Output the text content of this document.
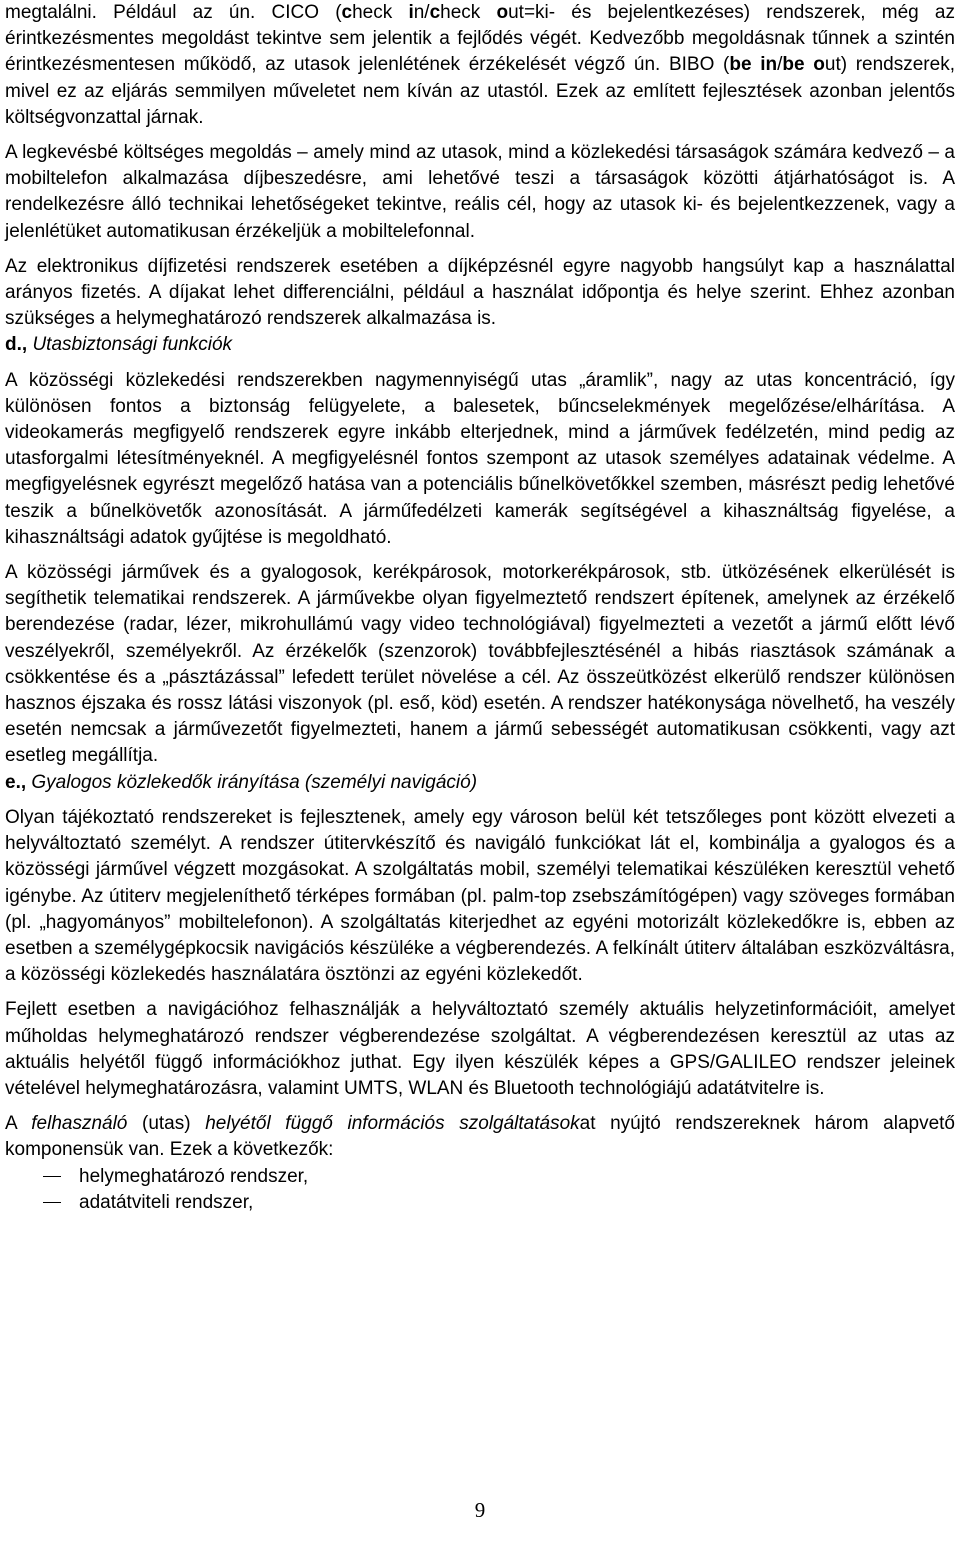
megtalálni. Például az ún. CICO (check in/check out=ki- és bejelentkezéses) rendszerek, még az érintkezésmentes megoldást tekintve sem jelentik a fejlődés végét. Kedvezőbb megoldásnak tűnnek a szintén érintkezésmentesen működő, az utasok jelenlétének érzékelését végző ún. BIBO (be in/be out) rendszerek, mivel ez az eljárás semmilyen műveletet nem kíván az utastól. Ezek az említett fejlesztések azonban jelentős költségvonzattal járnak.

A legkevésbé költséges megoldás – amely mind az utasok, mind a közlekedési társaságok számára kedvező – a mobiltelefon alkalmazása díjbeszedésre, ami lehetővé teszi a társaságok közötti átjárhatóságot is. A rendelkezésre álló technikai lehetőségeket tekintve, reális cél, hogy az utasok ki- és bejelentkezzenek, vagy a jelenlétüket automatikusan érzékeljük a mobiltelefonnal.

Az elektronikus díjfizetési rendszerek esetében a díjképzésnél egyre nagyobb hangsúlyt kap a használattal arányos fizetés. A díjakat lehet differenciálni, például a használat időpontja és helye szerint. Ehhez azonban szükséges a helymeghatározó rendszerek alkalmazása is.

d., Utasbiztonsági funkciók

A közösségi közlekedési rendszerekben nagymennyiségű utas „áramlik”, nagy az utas koncentráció, így különösen fontos a biztonság felügyelete, a balesetek, bűncselekmények megelőzése/elhárítása. A videokamerás megfigyelő rendszerek egyre inkább elterjednek, mind a járművek fedélzetén, mind pedig az utasforgalmi létesítményeknél. A megfigyelésnél fontos szempont az utasok személyes adatainak védelme. A megfigyelésnek egyrészt megelőző hatása van a potenciális bűnelkövetőkkel szemben, másrészt pedig lehetővé teszik a bűnelkövetők azonosítását. A járműfedélzeti kamerák segítségével a kihasználtság figyelése, a kihasználtsági adatok gyűjtése is megoldható.

A közösségi járművek és a gyalogosok, kerékpárosok, motorkerékpárosok, stb. ütközésének elkerülését is segíthetik telematikai rendszerek. A járművekbe olyan figyelmeztető rendszert építenek, amelynek az érzékelő berendezése (radar, lézer, mikrohullámú vagy video technológiával) figyelmezteti a vezetőt a jármű előtt lévő veszélyekről, személyekről. Az érzékelők (szenzorok) továbbfejlesztésénél a hibás riasztások számának a csökkentése és a „pásztázással” lefedett terület növelése a cél. Az összeütközést elkerülő rendszer különösen hasznos éjszaka és rossz látási viszonyok (pl. eső, köd) esetén. A rendszer hatékonysága növelhető, ha veszély esetén nemcsak a járművezetőt figyelmezteti, hanem a jármű sebességét automatikusan csökkenti, vagy azt esetleg megállítja.

e., Gyalogos közlekedők irányítása (személyi navigáció)

Olyan tájékoztató rendszereket is fejlesztenek, amely egy városon belül két tetszőleges pont között elvezeti a helyváltoztató személyt. A rendszer útitervkészítő és navigáló funkciókat lát el, kombinálja a gyalogos és a közösségi járművel végzett mozgásokat. A szolgáltatás mobil, személyi telematikai készüléken keresztül vehető igénybe. Az útiterv megjeleníthető térképes formában (pl. palm-top zsebszámítógépen) vagy szöveges formában (pl. „hagyományos” mobiltelefonon). A szolgáltatás kiterjedhet az egyéni motorizált közlekedőkre is, ebben az esetben a személygépkocsik navigációs készüléke a végberendezés. A felkínált útiterv általában eszközváltásra, a közösségi közlekedés használatára ösztönzi az egyéni közlekedőt.

Fejlett esetben a navigációhoz felhasználják a helyváltoztató személy aktuális helyzetinformációit, amelyet műholdas helymeghatározó rendszer végberendezése szolgáltat. A végberendezésen keresztül az utas az aktuális helyétől függő információkhoz juthat. Egy ilyen készülék képes a GPS/GALILEO rendszer jeleinek vételével helymeghatározásra, valamint UMTS, WLAN és Bluetooth technológiájú adatátvitelre is.

A felhasználó (utas) helyétől függő információs szolgáltatásokat nyújtó rendszereknek három alapvető komponensük van. Ezek a következők:

helymeghatározó rendszer,
adatátviteli rendszer,
9
